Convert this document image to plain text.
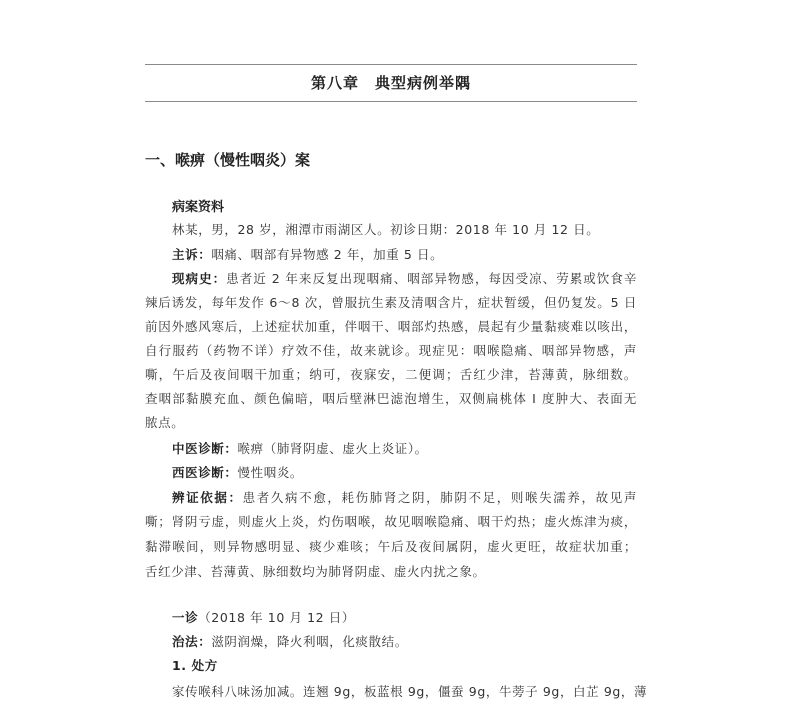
第八章　典型病例举隅
一、喉痹（慢性咽炎）案
病案资料
林某，男，28 岁，湘潭市雨湖区人。初诊日期：2018 年 10 月 12 日。
主诉：咽痛、咽部有异物感 2 年，加重 5 日。
现病史：患者近 2 年来反复出现咽痛、咽部异物感，每因受凉、劳累或饮食辛
辣后诱发，每年发作 6～8 次，曾服抗生素及清咽含片，症状暂缓，但仍复发。5 日
前因外感风寒后，上述症状加重，伴咽干、咽部灼热感，晨起有少量黏痰难以咳出，
自行服药（药物不详）疗效不佳，故来就诊。现症见：咽喉隐痛、咽部异物感，声
嘶，午后及夜间咽干加重；纳可，夜寐安，二便调；舌红少津，苔薄黄，脉细数。
查咽部黏膜充血、颜色偏暗，咽后壁淋巴滤泡增生，双侧扁桃体 Ⅰ 度肿大、表面无
脓点。
中医诊断：喉痹（肺肾阴虚、虚火上炎证）。
西医诊断：慢性咽炎。
辨证依据：患者久病不愈，耗伤肺肾之阴，肺阴不足，则喉失濡养，故见声
嘶；肾阴亏虚，则虚火上炎，灼伤咽喉，故见咽喉隐痛、咽干灼热；虚火炼津为痰，
黏滞喉间，则异物感明显、痰少难咳；午后及夜间属阴，虚火更旺，故症状加重；
舌红少津、苔薄黄、脉细数均为肺肾阴虚、虚火内扰之象。
一诊（2018 年 10 月 12 日）
治法：滋阴润燥，降火利咽，化痰散结。
1. 处方
家传喉科八味汤加减。连翘 9g，板蓝根 9g，僵蚕 9g，牛蒡子 9g，白芷 9g，薄
